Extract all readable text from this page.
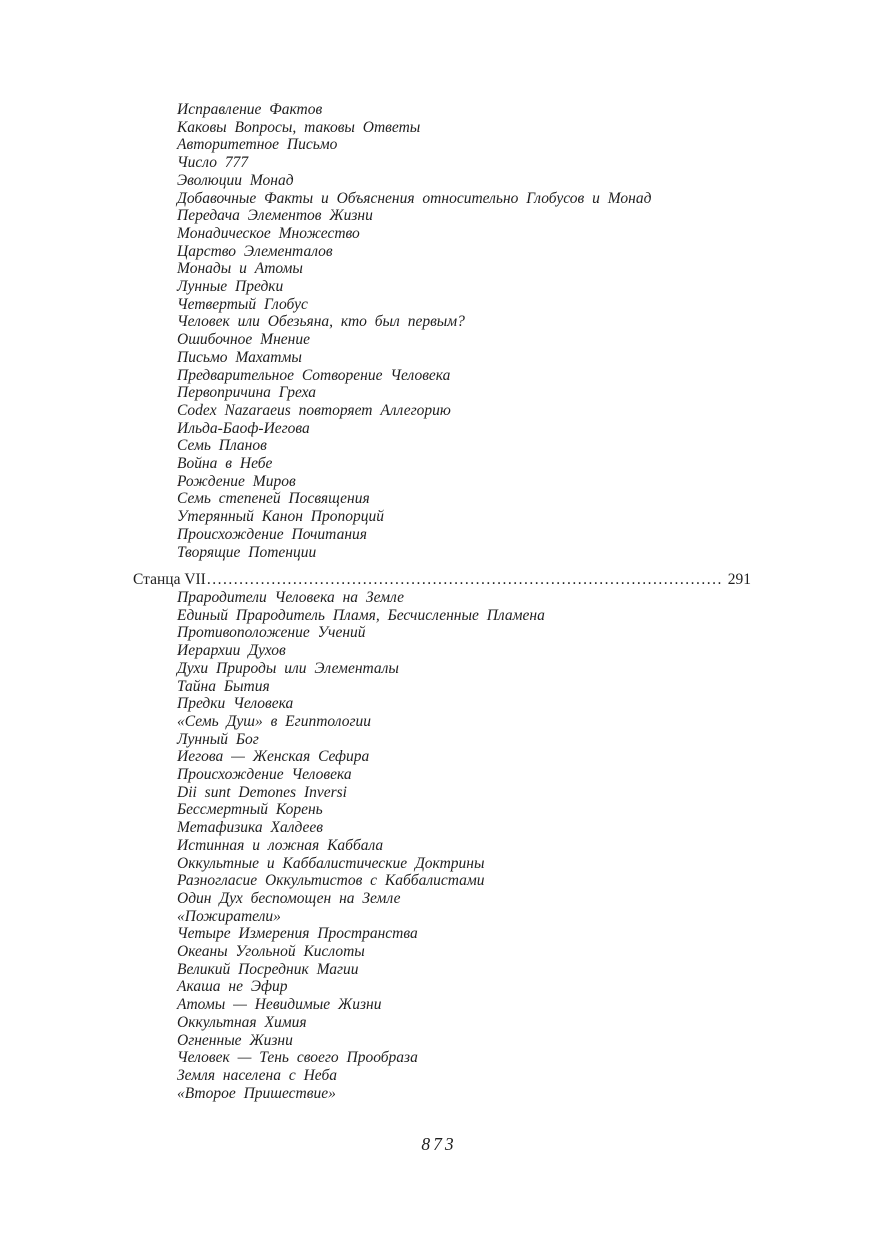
Исправление Фактов
Каковы Вопросы, таковы Ответы
Авторитетное Письмо
Число 777
Эволюции Монад
Добавочные Факты и Объяснения относительно Глобусов и Монад
Передача Элементов Жизни
Монадическое Множество
Царство Элементалов
Монады и Атомы
Лунные Предки
Четвертый Глобус
Человек или Обезьяна, кто был первым?
Ошибочное Мнение
Письмо Махатмы
Предварительное Сотворение Человека
Первопричина Греха
Codex Nazaraeus повторяет Аллегорию
Ильда-Баоф-Иегова
Семь Планов
Война в Небе
Рождение Миров
Семь степеней Посвящения
Утерянный Канон Пропорций
Происхождение Почитания
Творящие Потенции
Станца VII .....	291
Прародители Человека на Земле
Единый Прародитель Пламя, Бесчисленные Пламена
Противоположение Учений
Иерархии Духов
Духи Природы или Элементалы
Тайна Бытия
Предки Человека
«Семь Душ» в Египтологии
Лунный Бог
Иегова — Женская Сефира
Происхождение Человека
Dii sunt Demones Inversi
Бессмертный Корень
Метафизика Халдеев
Истинная и ложная Каббала
Оккультные и Каббалистические Доктрины
Разногласие Оккультистов с Каббалистами
Один Дух беспомощен на Земле
«Пожиратели»
Четыре Измерения Пространства
Океаны Угольной Кислоты
Великий Посредник Магии
Акаша не Эфир
Атомы — Невидимые Жизни
Оккультная Химия
Огненные Жизни
Человек — Тень своего Прообраза
Земля населена с Неба
«Второе Пришествие»
873
